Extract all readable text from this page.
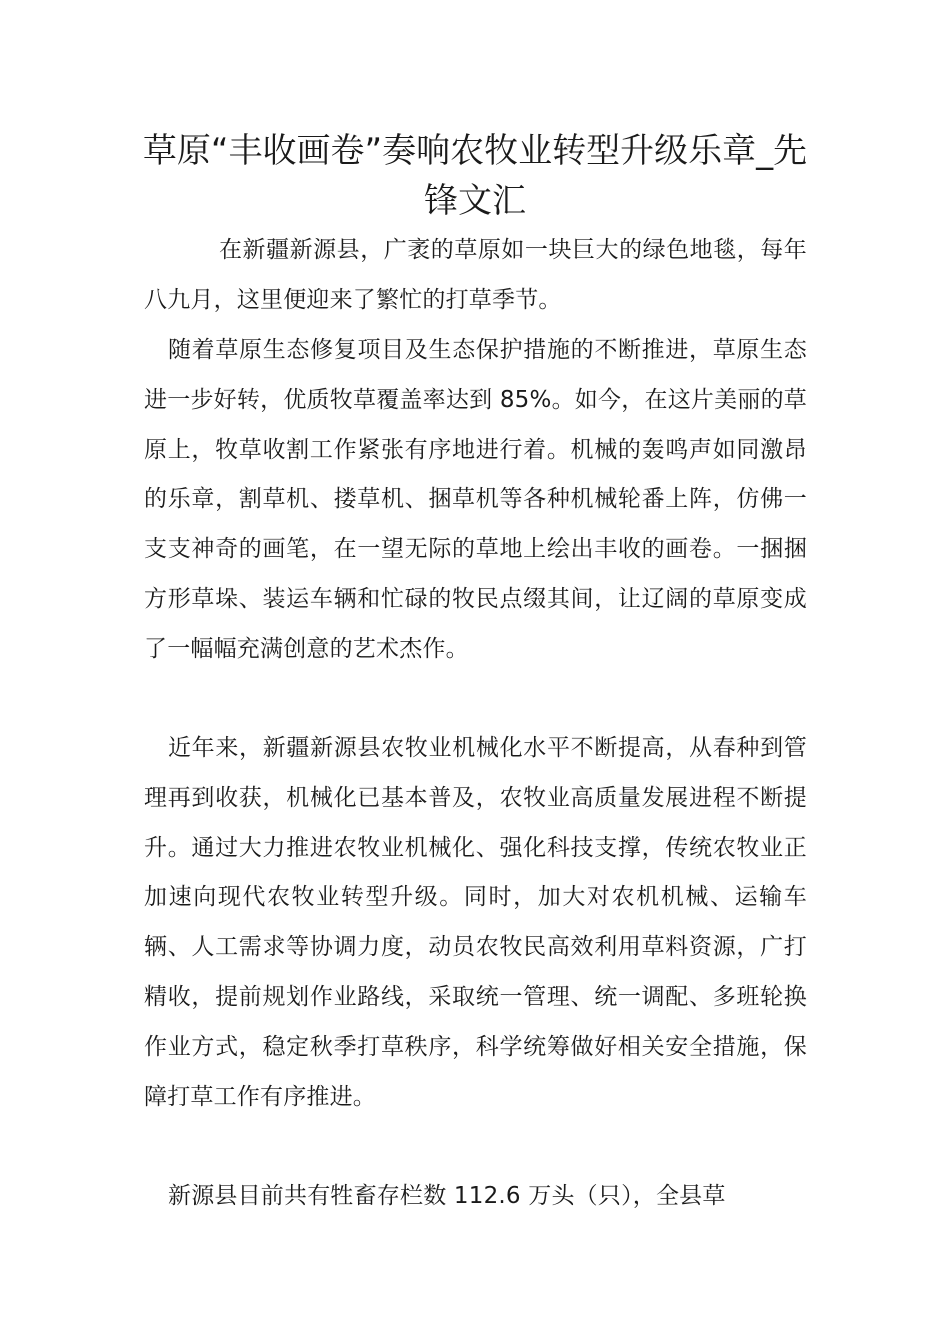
草原“丰收画卷”奏响农牧业转型升级乐章_先锋文汇

在新疆新源县，广袤的草原如一块巨大的绿色地毯，每年八九月，这里便迎来了繁忙的打草季节。

随着草原生态修复项目及生态保护措施的不断推进，草原生态进一步好转，优质牧草覆盖率达到 85%。如今，在这片美丽的草原上，牧草收割工作紧张有序地进行着。机械的轰鸣声如同激昂的乐章，割草机、搂草机、捆草机等各种机械轮番上阵，仿佛一支支神奇的画笔，在一望无际的草地上绘出丰收的画卷。一捆捆方形草垛、装运车辆和忙碌的牧民点缀其间，让辽阔的草原变成了一幅幅充满创意的艺术杰作。

近年来，新疆新源县农牧业机械化水平不断提高，从春种到管理再到收获，机械化已基本普及，农牧业高质量发展进程不断提升。通过大力推进农牧业机械化、强化科技支撑，传统农牧业正加速向现代农牧业转型升级。同时，加大对农机机械、运输车辆、人工需求等协调力度，动员农牧民高效利用草料资源，广打精收，提前规划作业路线，采取统一管理、统一调配、多班轮换作业方式，稳定秋季打草秩序，科学统筹做好相关安全措施，保障打草工作有序推进。

新源县目前共有牲畜存栏数 112.6 万头（只），全县草
